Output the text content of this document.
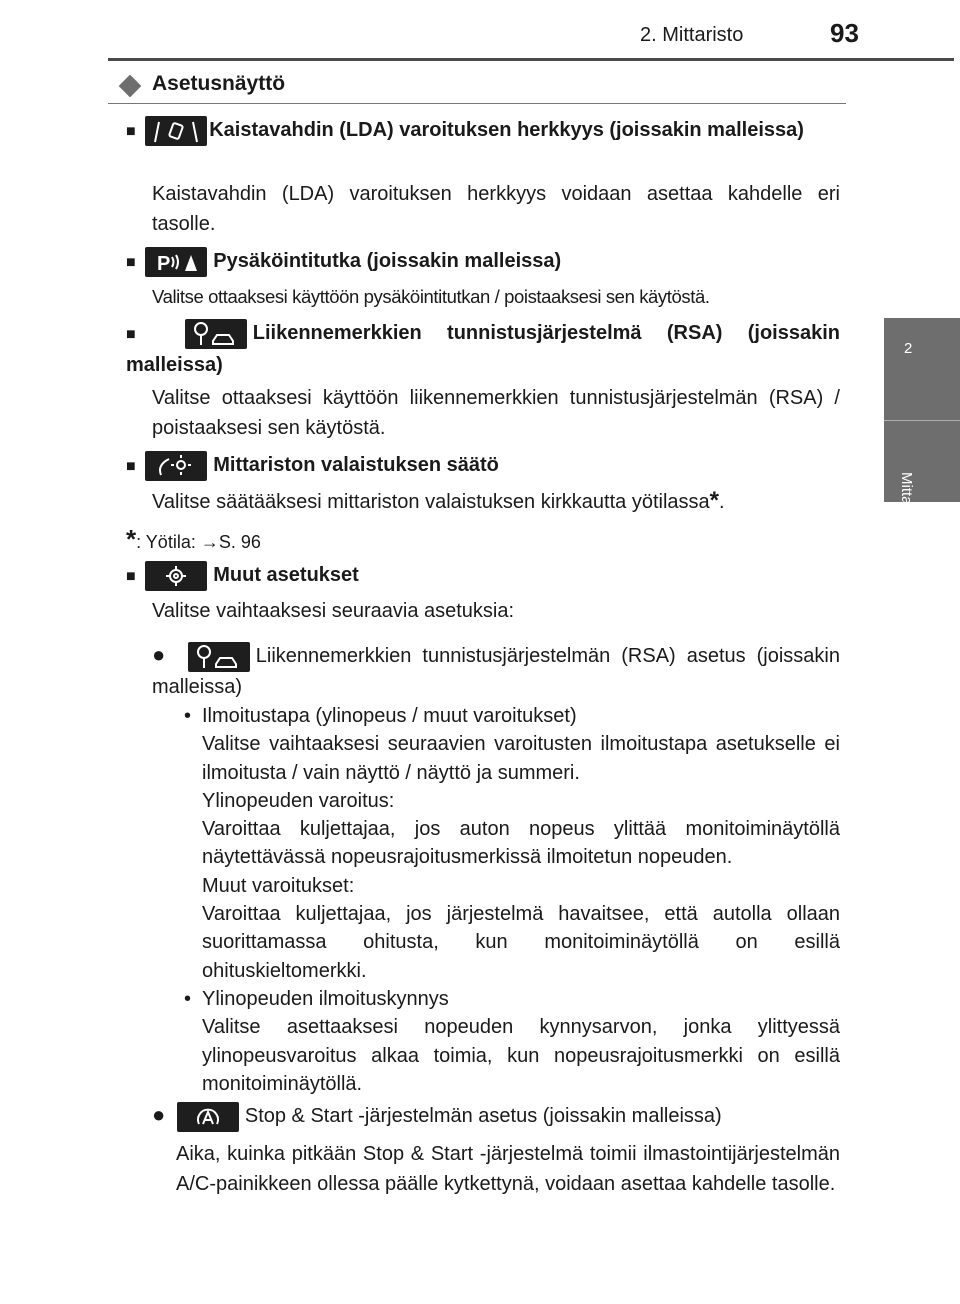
2. Mittaristo	93
2
Mittaristo
Asetusnäyttö
■	Kaistavahdin (LDA) varoituksen herkkyys (joissakin malleissa)
Kaistavahdin (LDA) varoituksen herkkyys voidaan asettaa kahdelle eri tasolle.
■ P Pysäköintitutka (joissakin malleissa)
Valitse ottaaksesi käyttöön pysäköintitutkan / poistaaksesi sen käytöstä.
■	Liikennemerkkien tunnistusjärjestelmä (RSA) (joissakin malleissa)
Valitse ottaaksesi käyttöön liikennemerkkien tunnistusjärjestelmän (RSA) / poistaaksesi sen käytöstä.
■	Mittariston valaistuksen säätö
Valitse säätääksesi mittariston valaistuksen kirkkautta yötilassa*.
*: Yötila: →S. 96
■	Muut asetukset
Valitse vaihtaaksesi seuraavia asetuksia:
●	Liikennemerkkien tunnistusjärjestelmän (RSA) asetus (joissakin malleissa)
• Ilmoitustapa (ylinopeus / muut varoitukset)
Valitse vaihtaaksesi seuraavien varoitusten ilmoitustapa asetukselle ei ilmoitusta / vain näyttö / näyttö ja summeri.
Ylinopeuden varoitus:
Varoittaa kuljettajaa, jos auton nopeus ylittää monitoiminäytöllä näytettävässä nopeusrajoitusmerkissä ilmoitetun nopeuden.
Muut varoitukset:
Varoittaa kuljettajaa, jos järjestelmä havaitsee, että autolla ollaan suorittamassa ohitusta, kun monitoiminäytöllä on esillä ohituskieltomerkki.
• Ylinopeuden ilmoituskynnys
Valitse asettaaksesi nopeuden kynnysarvon, jonka ylittyessä ylinopeusvaroitus alkaa toimia, kun nopeusrajoitusmerkki on esillä monitoiminäytöllä.
●	Stop & Start -järjestelmän asetus (joissakin malleissa)
Aika, kuinka pitkään Stop & Start -järjestelmä toimii ilmastointijärjestelmän A/C-painikkeen ollessa päälle kytkettynä, voidaan asettaa kahdelle tasolle.
